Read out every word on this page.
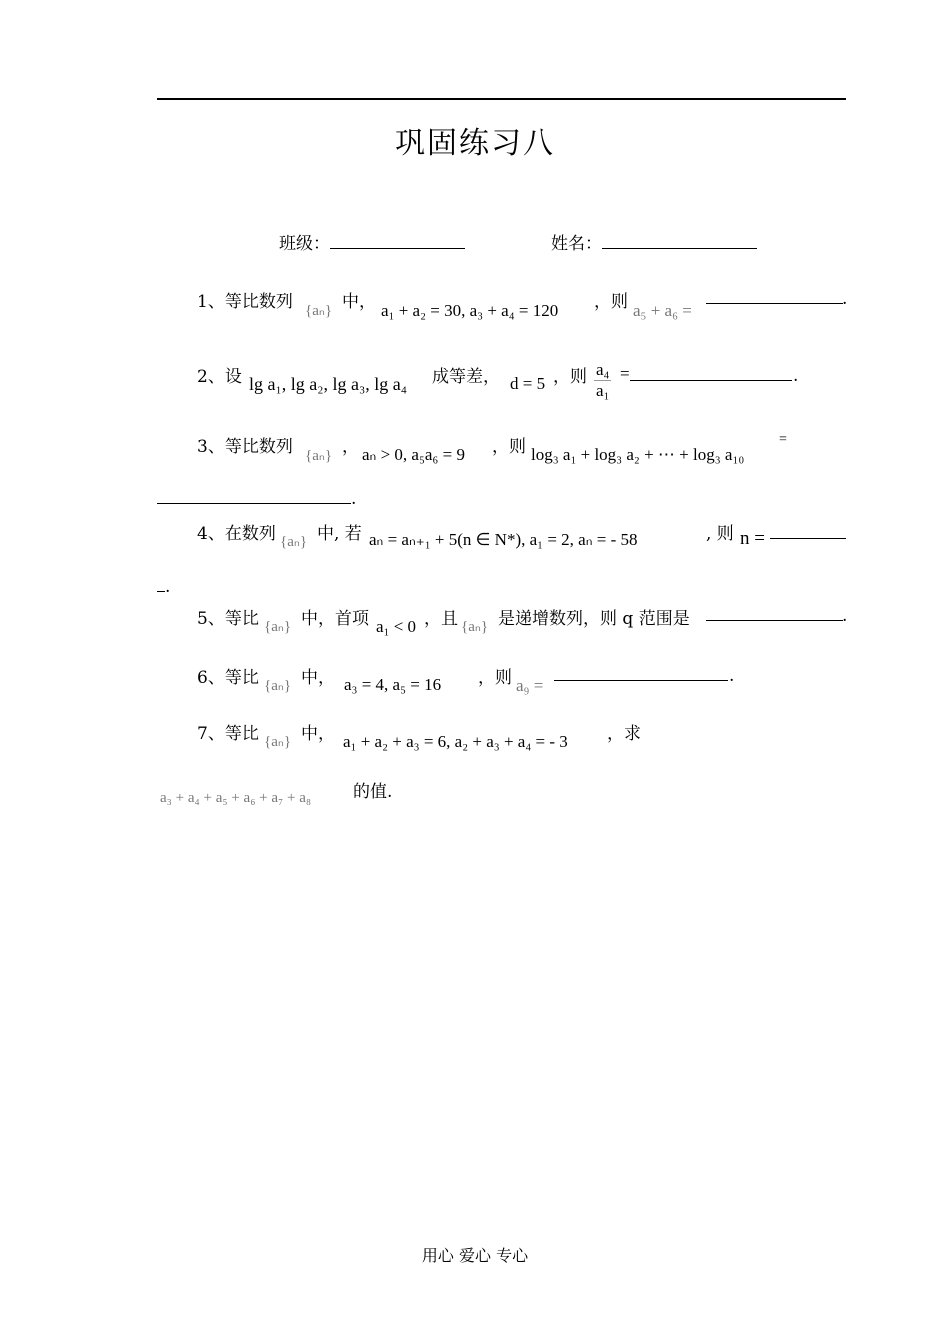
巩固练习八
班级：	姓名：
1、等比数列 {aₙ} 中， a₁ + a₂ = 30, a₃ + a₄ = 120 ，则 a₅ + a₆ =
.
2、设 lg a₁, lg a₂, lg a₃, lg a₄ 成等差， d = 5 ，则 $\frac{\text{a₄}}{\text{a₁}}$ =	.
3、等比数列 {aₙ} ， aₙ > 0, a₅a₆ = 9 ，则 log₃ a₁ + log₃ a₂ + ⋯ + log₃ a₁₀
=
.
4、在数列 {aₙ} 中, 若 aₙ = aₙ₊₁ + 5(n ∈ N*), a₁ = 2, aₙ = - 58	, 则 n =
.
5、等比 {aₙ} 中，首项 a₁ < 0 ，且 {aₙ} 是递增数列，则 q 范围是	.
6、等比 {aₙ} 中， a₃ = 4, a₅ = 16 ，则 a₉ =	.
7、等比 {aₙ} 中， a₁ + a₂ + a₃ = 6, a₂ + a₃ + a₄ = - 3 ，求
a₃ + a₄ + a₅ + a₆ + a₇ + a₈ 的值.
用心 爱心 专心
